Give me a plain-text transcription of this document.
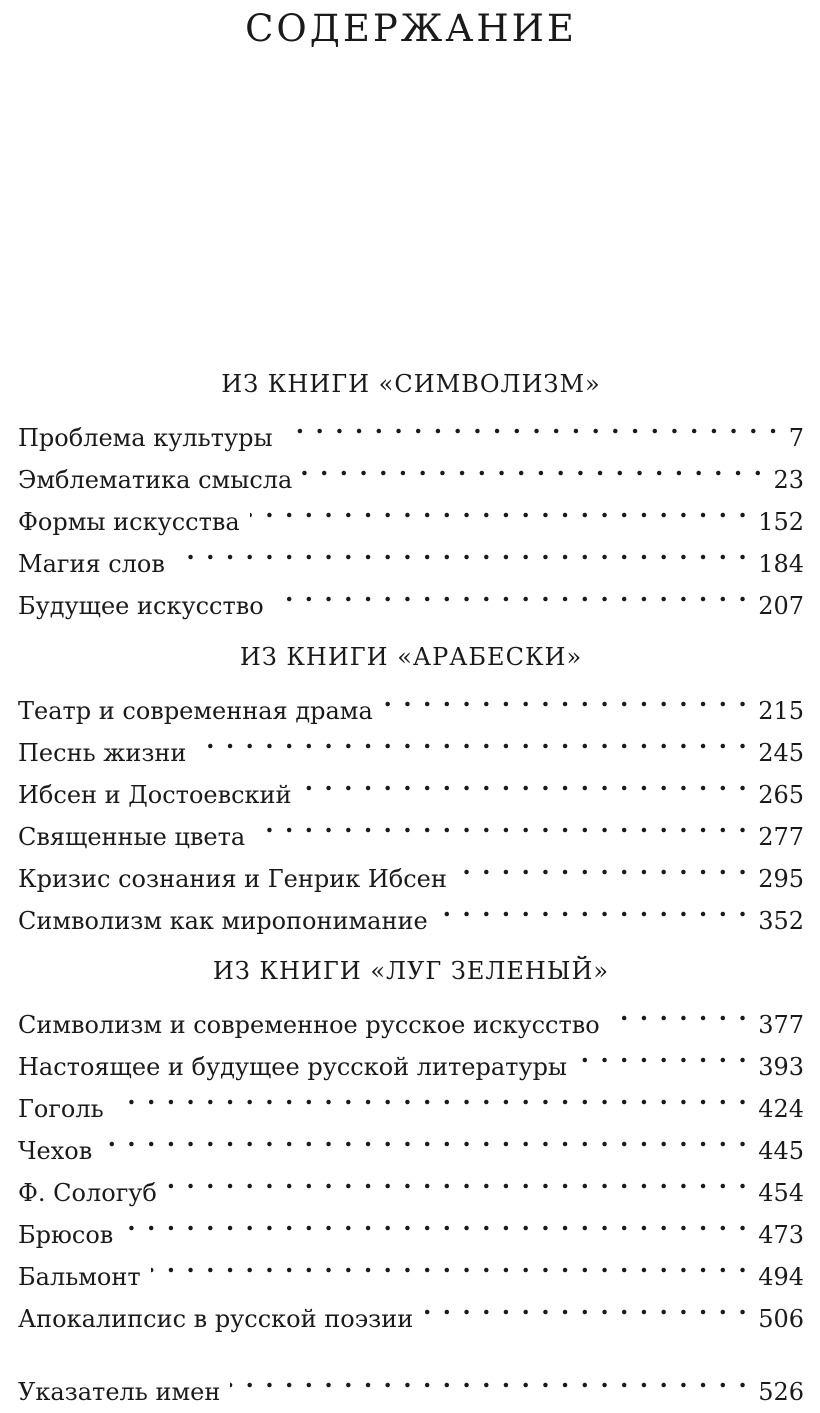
СОДЕРЖАНИЕ
ИЗ КНИГИ «СИМВОЛИЗМ»
Проблема культуры . . .	7
Эмблематика смысла . . .	23
Формы искусства . . .	152
Магия слов . . .	184
Будущее искусство . . .	207
ИЗ КНИГИ «АРАБЕСКИ»
Театр и современная драма . . .	215
Песнь жизни . . .	245
Ибсен и Достоевский . . .	265
Священные цвета . . .	277
Кризис сознания и Генрик Ибсен . . .	295
Символизм как миропонимание . . .	352
ИЗ КНИГИ «ЛУГ ЗЕЛЕНЫЙ»
Символизм и современное русское искусство . . .	377
Настоящее и будущее русской литературы . . .	393
Гоголь . . .	424
Чехов . . .	445
Ф. Сологуб . . .	454
Брюсов . . .	473
Бальмонт . . .	494
Апокалипсис в русской поэзии . . .	506
Указатель имен . . .	526
